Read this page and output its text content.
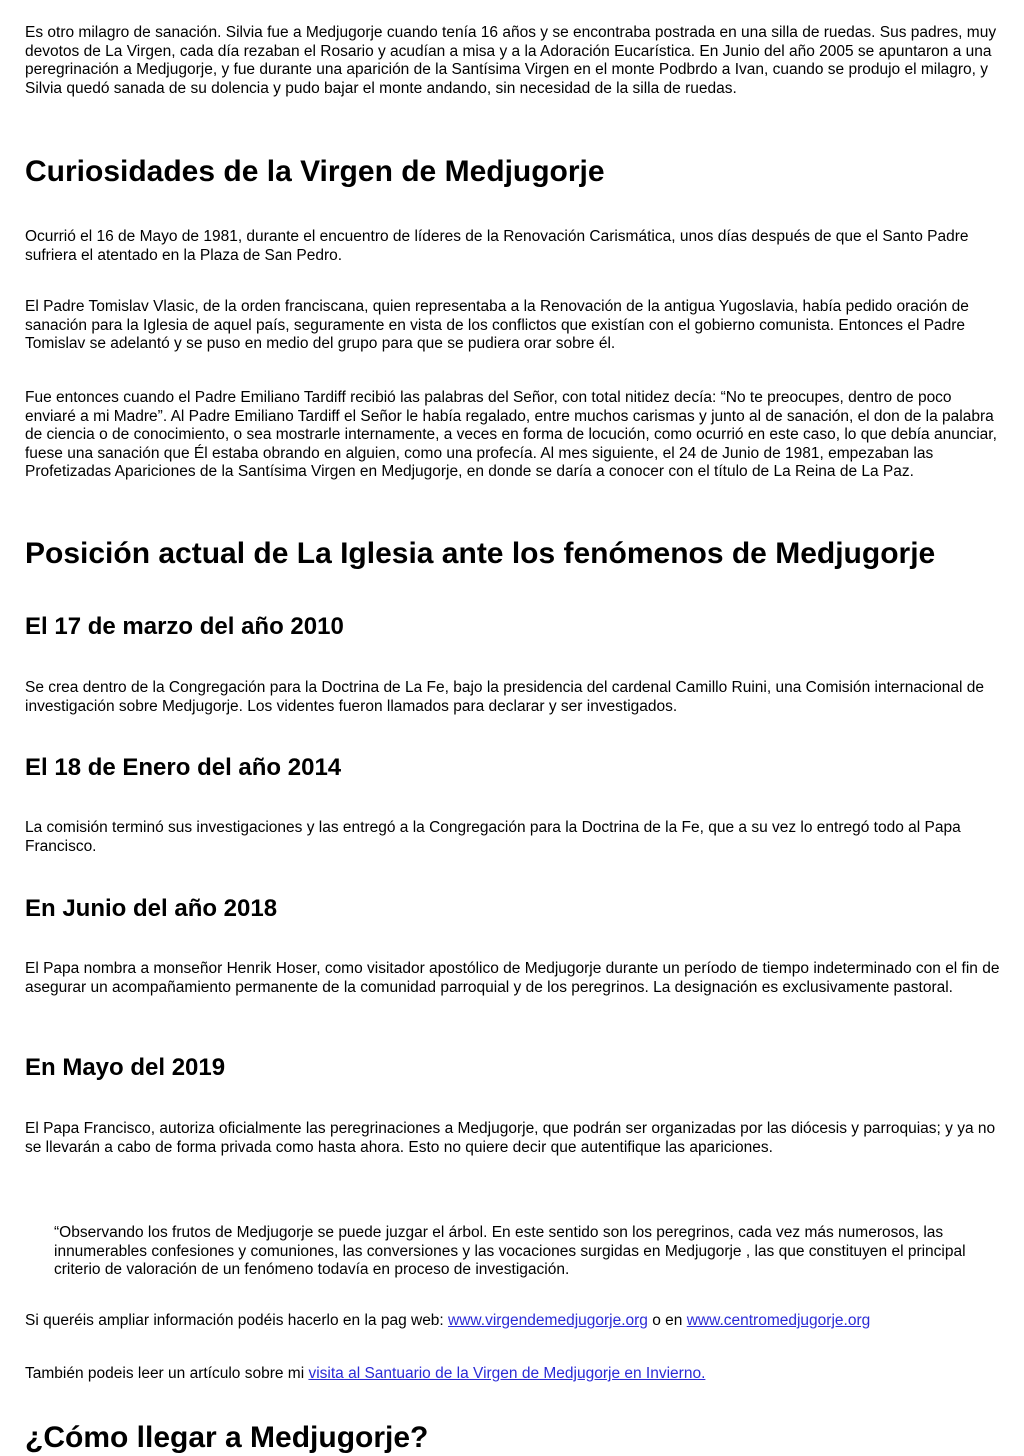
Es otro milagro de sanación. Silvia fue a Medjugorje cuando tenía 16 años y se encontraba postrada en una silla de ruedas. Sus padres, muy devotos de La Virgen, cada día rezaban el Rosario y acudían a misa y a la Adoración Eucarística. En Junio del año 2005 se apuntaron a una peregrinación a Medjugorje, y fue durante una aparición de la Santísima Virgen en el monte Podbrdo a Ivan, cuando se produjo el milagro, y Silvia quedó sanada de su dolencia y pudo bajar el monte andando, sin necesidad de la silla de ruedas.

Curiosidades de la Virgen de Medjugorje

Ocurrió el 16 de Mayo de 1981, durante el encuentro de líderes de la Renovación Carismática, unos días después de que el Santo Padre sufriera el atentado en la Plaza de San Pedro.

El Padre Tomislav Vlasic, de la orden franciscana, quien representaba a la Renovación de la antigua Yugoslavia, había pedido oración de sanación para la Iglesia de aquel país, seguramente en vista de los conflictos que existían con el gobierno comunista. Entonces el Padre Tomislav se adelantó y se puso en medio del grupo para que se pudiera orar sobre él.

Fue entonces cuando el Padre Emiliano Tardiff recibió las palabras del Señor, con total nitidez decía: “No te preocupes, dentro de poco enviaré a mi Madre”. Al Padre Emiliano Tardiff el Señor le había regalado, entre muchos carismas y junto al de sanación, el don de la palabra de ciencia o de conocimiento, o sea mostrarle internamente, a veces en forma de locución, como ocurrió en este caso, lo que debía anunciar, fuese una sanación que Él estaba obrando en alguien, como una profecía. Al mes siguiente, el 24 de Junio de 1981, empezaban las Profetizadas Apariciones de la Santísima Virgen en Medjugorje, en donde se daría a conocer con el título de La Reina de La Paz.

Posición actual de La Iglesia ante los fenómenos de Medjugorje
El 17 de marzo del año 2010

Se crea dentro de la Congregación para la Doctrina de La Fe, bajo la presidencia del cardenal Camillo Ruini, una Comisión internacional de investigación sobre Medjugorje. Los videntes fueron llamados para declarar y ser investigados.

El 18 de Enero del año 2014

La comisión terminó sus investigaciones y las entregó a la Congregación para la Doctrina de la Fe, que a su vez lo entregó todo al Papa Francisco.

En Junio del año 2018

El Papa nombra a monseñor Henrik Hoser, como visitador apostólico de Medjugorje durante un período de tiempo indeterminado con el fin de asegurar un acompañamiento permanente de la comunidad parroquial y de los peregrinos. La designación es exclusivamente pastoral.

En Mayo del 2019

El Papa Francisco, autoriza oficialmente las peregrinaciones a Medjugorje, que podrán ser organizadas por las diócesis y parroquias; y ya no se llevarán a cabo de forma privada como hasta ahora. Esto no quiere decir que autentifique las apariciones.

“Observando los frutos de Medjugorje se puede juzgar el árbol. En este sentido son los peregrinos, cada vez más numerosos, las innumerables confesiones y comuniones, las conversiones y las vocaciones surgidas en Medjugorje , las que constituyen el principal criterio de valoración de un fenómeno todavía en proceso de investigación.

Si queréis ampliar información podéis hacerlo en la pag web: www.virgendemedjugorje.org o en www.centromedjugorje.org

También podeis leer un artículo sobre mi visita al Santuario de la Virgen de Medjugorje en Invierno.

¿Cómo llegar a Medjugorje?
